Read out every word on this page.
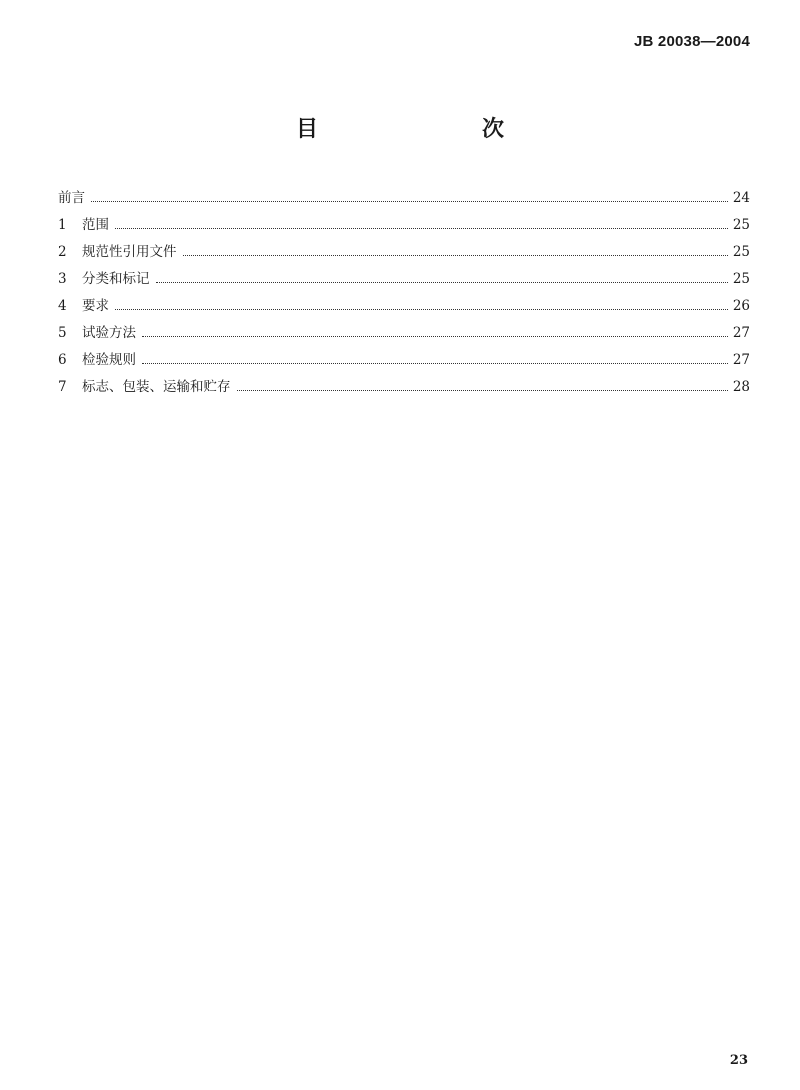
JB 20038—2004
目　　次
前言	24
1	范围	25
2	规范性引用文件	25
3	分类和标记	25
4	要求	26
5	试验方法	27
6	检验规则	27
7	标志、包装、运输和贮存	28
23
